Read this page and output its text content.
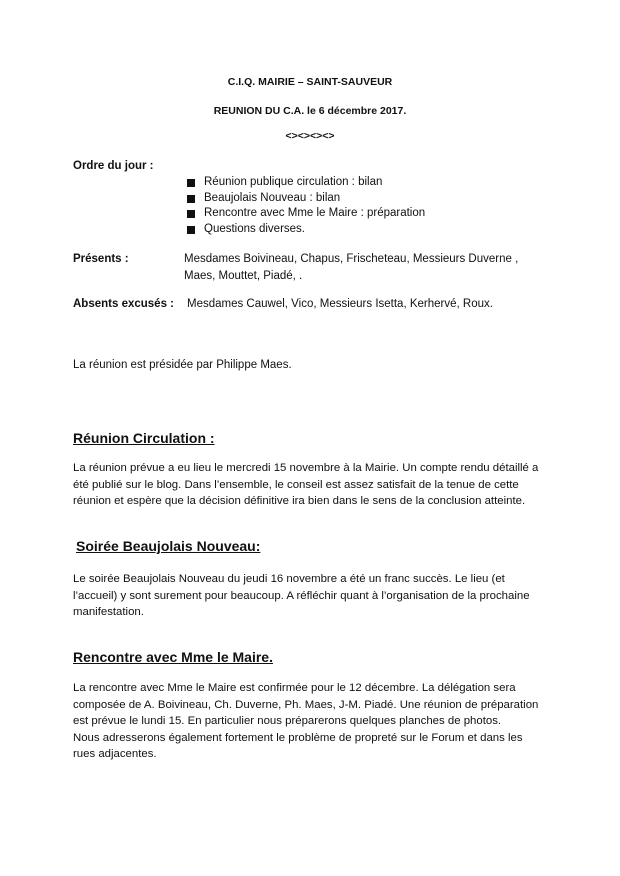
C.I.Q. MAIRIE – SAINT-SAUVEUR
REUNION DU C.A. le 6 décembre 2017.
<><><><>
Ordre du jour :
Réunion publique circulation : bilan
Beaujolais Nouveau : bilan
Rencontre avec Mme le Maire : préparation
Questions diverses.
Présents :	Mesdames Boivineau, Chapus, Frischeteau, Messieurs Duverne ,
Maes, Mouttet, Piadé, .
Absents excusés : Mesdames Cauwel, Vico, Messieurs Isetta, Kerhervé, Roux.
La réunion est présidée par Philippe Maes.
Réunion Circulation :
La réunion prévue a eu lieu le mercredi 15 novembre à la Mairie. Un compte rendu détaillé a
été publié sur le blog. Dans l’ensemble, le conseil est assez satisfait de la tenue de cette
réunion et espère que la décision définitive ira bien dans le sens de la conclusion atteinte.
Soirée Beaujolais Nouveau:
Le soirée Beaujolais Nouveau du jeudi 16 novembre a été un franc succès. Le lieu (et
l’accueil) y sont surement pour beaucoup. A réfléchir quant à l’organisation de la prochaine
manifestation.
Rencontre avec Mme le Maire.
La rencontre avec Mme le Maire est confirmée pour le 12 décembre. La délégation sera
composée de A. Boivineau, Ch. Duverne, Ph. Maes, J-M. Piadé. Une réunion de préparation
est prévue le lundi 15. En particulier nous préparerons quelques planches de photos.
Nous adresserons également fortement le problème de propreté sur le Forum et dans les
rues adjacentes.
